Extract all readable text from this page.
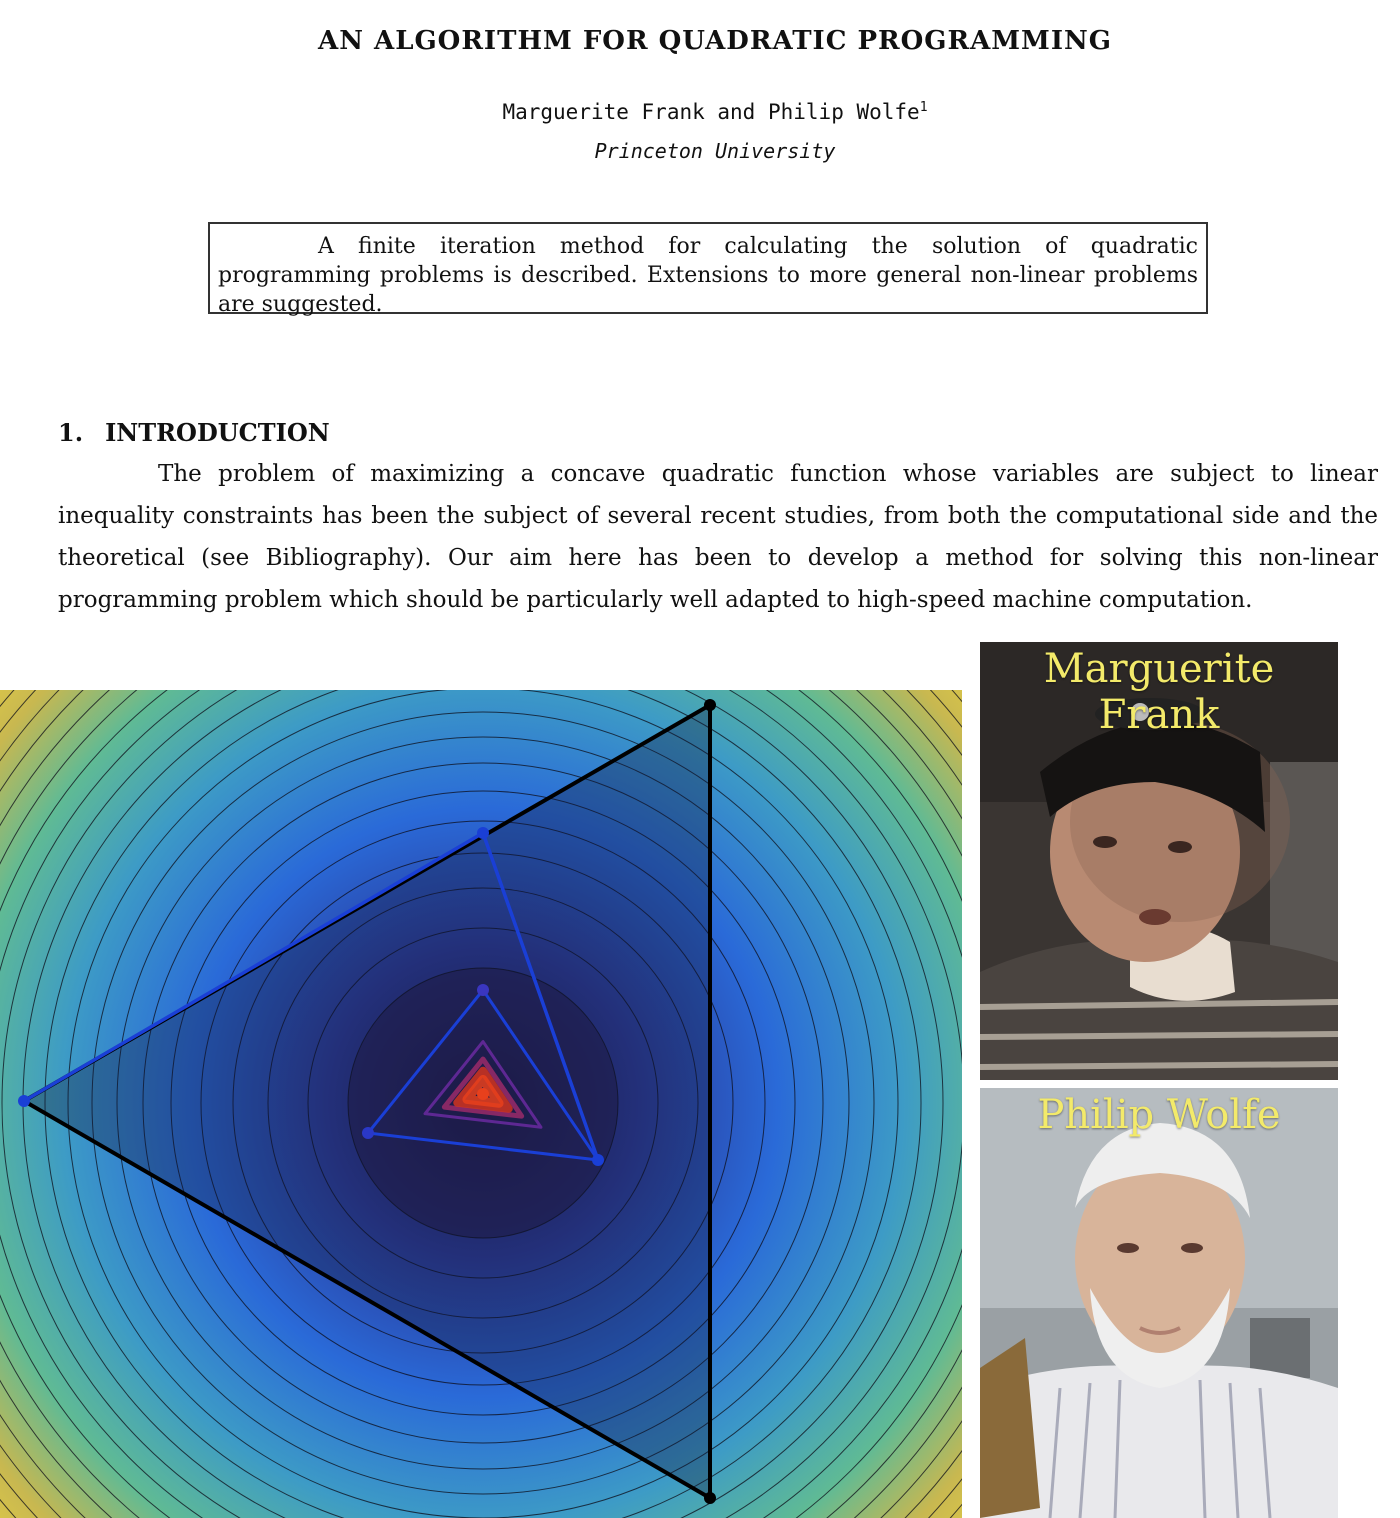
AN ALGORITHM FOR QUADRATIC PROGRAMMING
Marguerite Frank and Philip Wolfe$^1$
Princeton University
A finite iteration method for calculating the solution of quadratic programming problems is described. Extensions to more general non-linear problems are suggested.
1. INTRODUCTION
The problem of maximizing a concave quadratic function whose variables are subject to linear inequality constraints has been the subject of several recent studies, from both the computational side and the theoretical (see Bibliography). Our aim here has been to develop a method for solving this non-linear programming problem which should be particularly well adapted to high-speed machine computation.
Marguerite Frank
Philip Wolfe
